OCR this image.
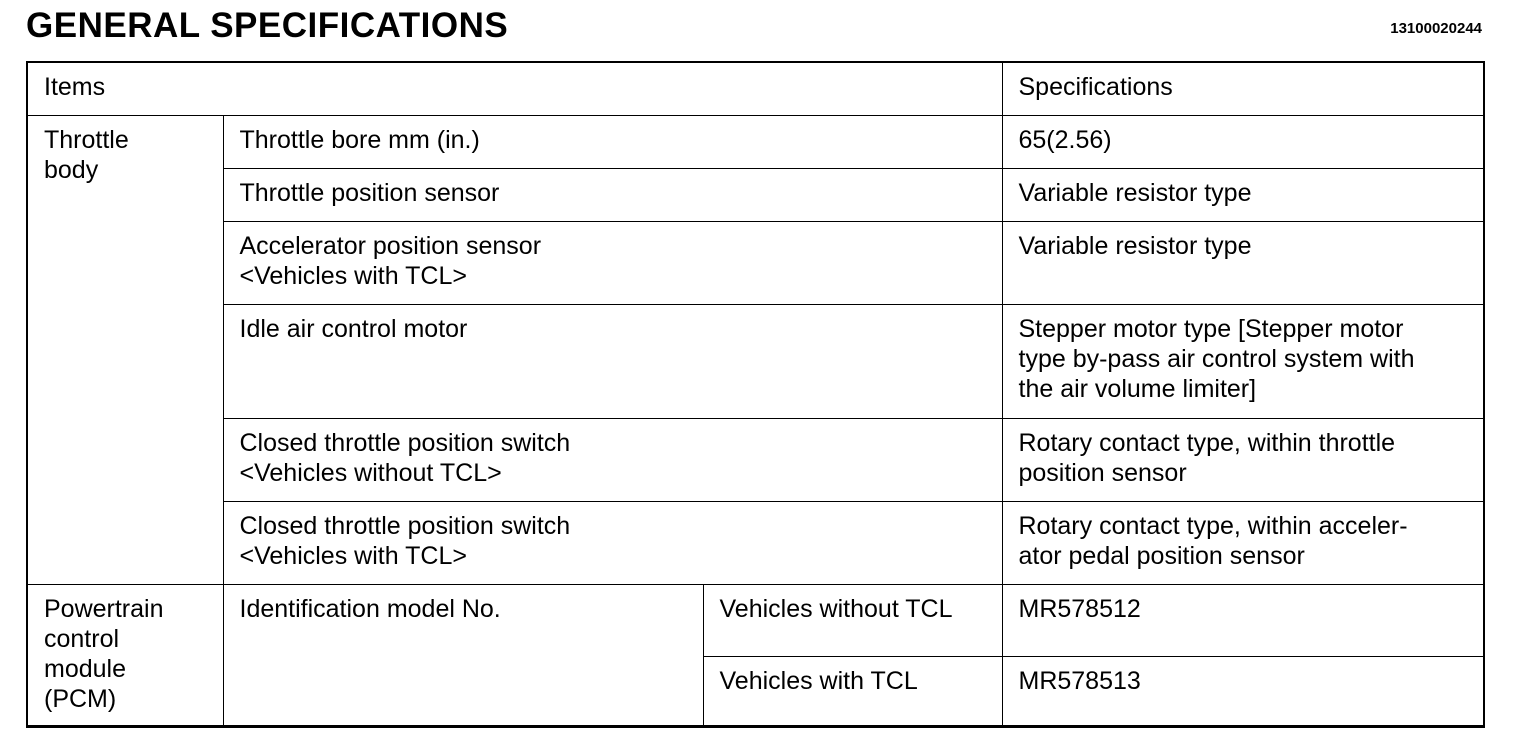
GENERAL SPECIFICATIONS	13100020244
Items			Specifications

Throttle
body	Throttle bore mm (in.)		65(2.56)

	Throttle position sensor		Variable resistor type

	Accelerator position sensor
<Vehicles with TCL>		Variable resistor type

	Idle air control motor		Stepper motor type [Stepper motor
type by-pass air control system with
the air volume limiter]

	Closed throttle position switch
<Vehicles without TCL>		Rotary contact type, within throttle
position sensor

	Closed throttle position switch
<Vehicles with TCL>		Rotary contact type, within acceler-
ator pedal position sensor

Powertrain
control
module
(PCM)	Identification model No.	Vehicles without TCL	MR578512
		Vehicles with TCL	MR578513
